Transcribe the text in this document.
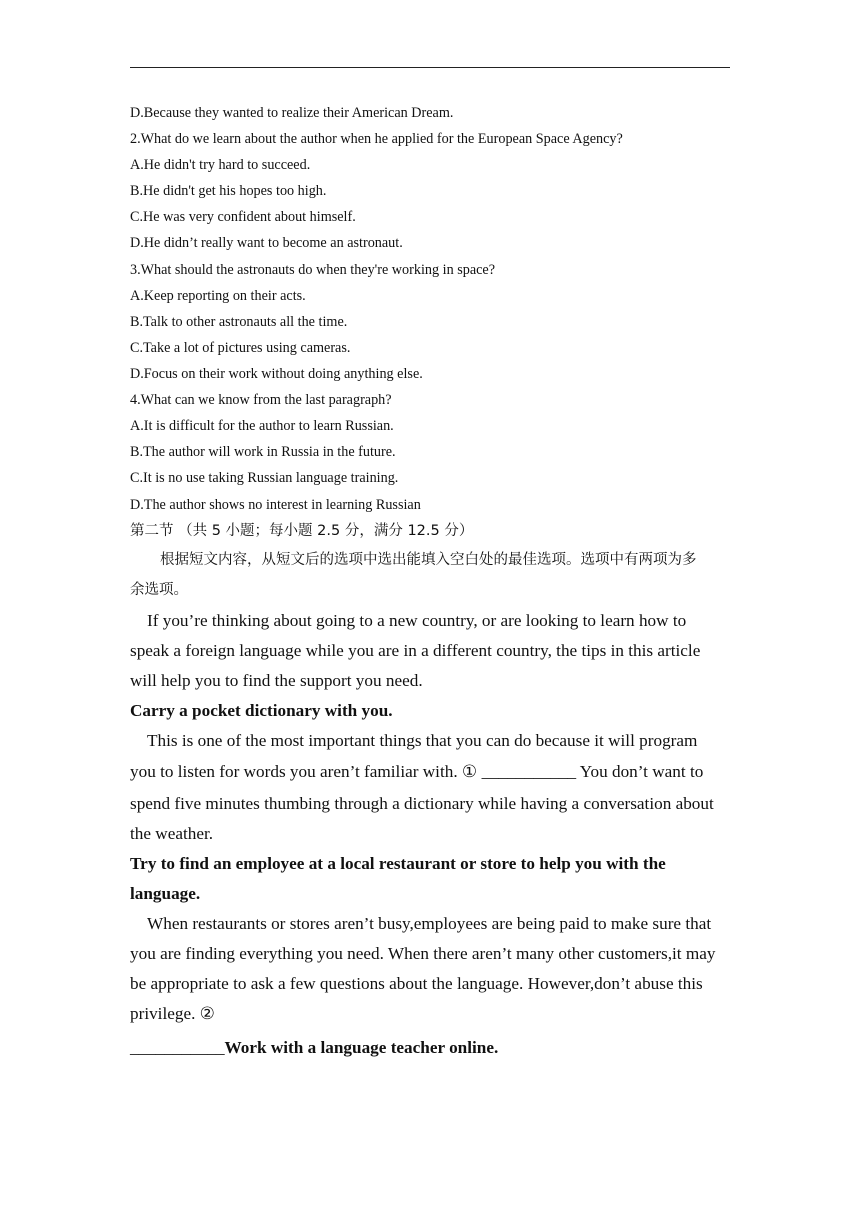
D.Because they wanted to realize their American Dream.
2.What do we learn about the author when he applied for the European Space Agency?
A.He didn't try hard to succeed.
B.He didn't get his hopes too high.
C.He was very confident about himself.
D.He didn’t really want to become an astronaut.
3.What should the astronauts do when they're working in space?
A.Keep reporting on their acts.
B.Talk to other astronauts all the time.
C.Take a lot of pictures using cameras.
D.Focus on their work without doing anything else.
4.What can we know from the last paragraph?
A.It is difficult for the author to learn Russian.
B.The author will work in Russia in the future.
C.It is no use taking Russian language training.
D.The author shows no interest in learning Russian
第二节 （共 5 小题；每小题 2.5 分，满分 12.5 分）
根据短文内容，从短文后的选项中选出能填入空白处的最佳选项。选项中有两项为多
余选项。
If you’re thinking about going to a new country, or are looking to learn how to
speak a foreign language while you are in a different country, the tips in this article
will help you to find the support you need.
Carry a pocket dictionary with you.
This is one of the most important things that you can do because it will program
you to listen for words you aren’t familiar with. ① ___________ You don’t want to
spend five minutes thumbing through a dictionary while having a conversation about
the weather.
Try to find an employee at a local restaurant or store to help you with the
language.
When restaurants or stores aren’t busy,employees are being paid to make sure that
you are finding everything you need. When there aren’t many other customers,it may
be appropriate to ask a few questions about the language. However,don’t abuse this
privilege. ②
___________Work with a language teacher online.
